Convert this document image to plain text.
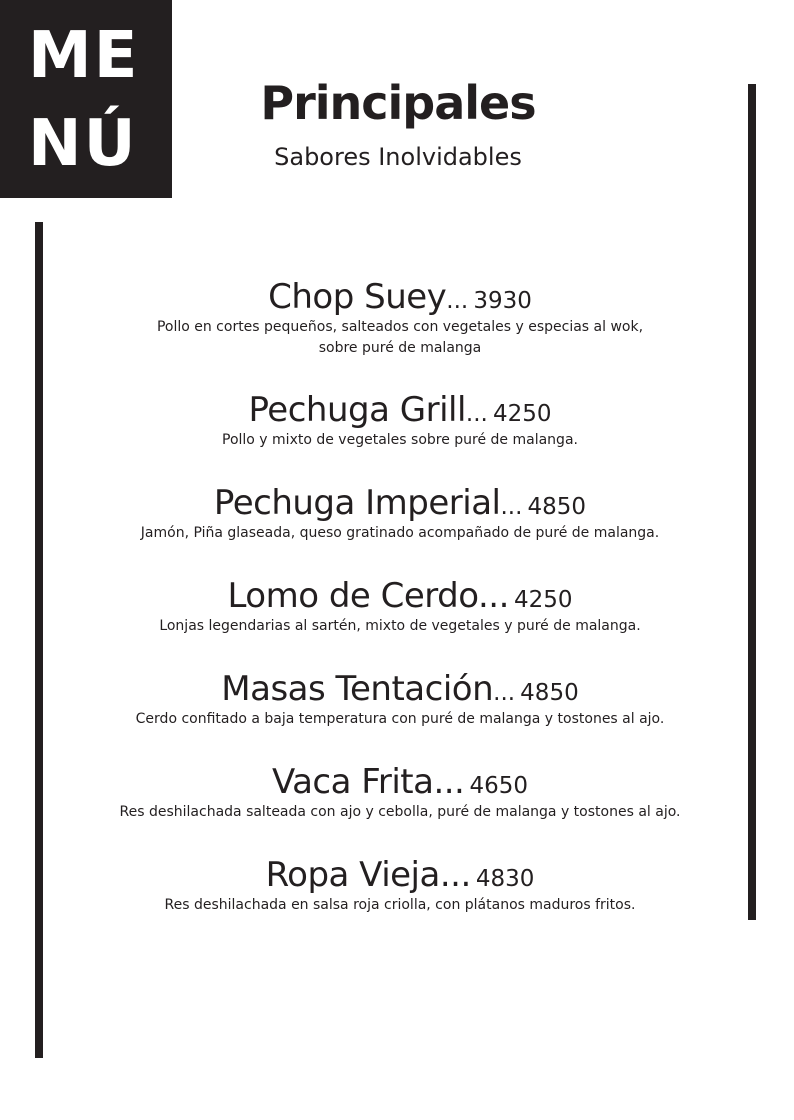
ME
NÚ
Principales
Sabores Inolvidables
Chop Suey... 3930
Pollo en cortes pequeños, salteados con vegetales y especias al wok,
sobre puré de malanga
Pechuga Grill... 4250
Pollo y mixto de vegetales sobre puré de malanga.
Pechuga Imperial... 4850
Jamón, Piña glaseada, queso gratinado acompañado de puré de malanga.
Lomo de Cerdo... 4250
Lonjas legendarias al sartén, mixto de vegetales y puré de malanga.
Masas Tentación... 4850
Cerdo confitado a baja temperatura con puré de malanga y tostones al ajo.
Vaca Frita... 4650
Res deshilachada salteada con ajo y cebolla, puré de malanga y tostones al ajo.
Ropa Vieja... 4830
Res deshilachada en salsa roja criolla, con plátanos maduros fritos.
